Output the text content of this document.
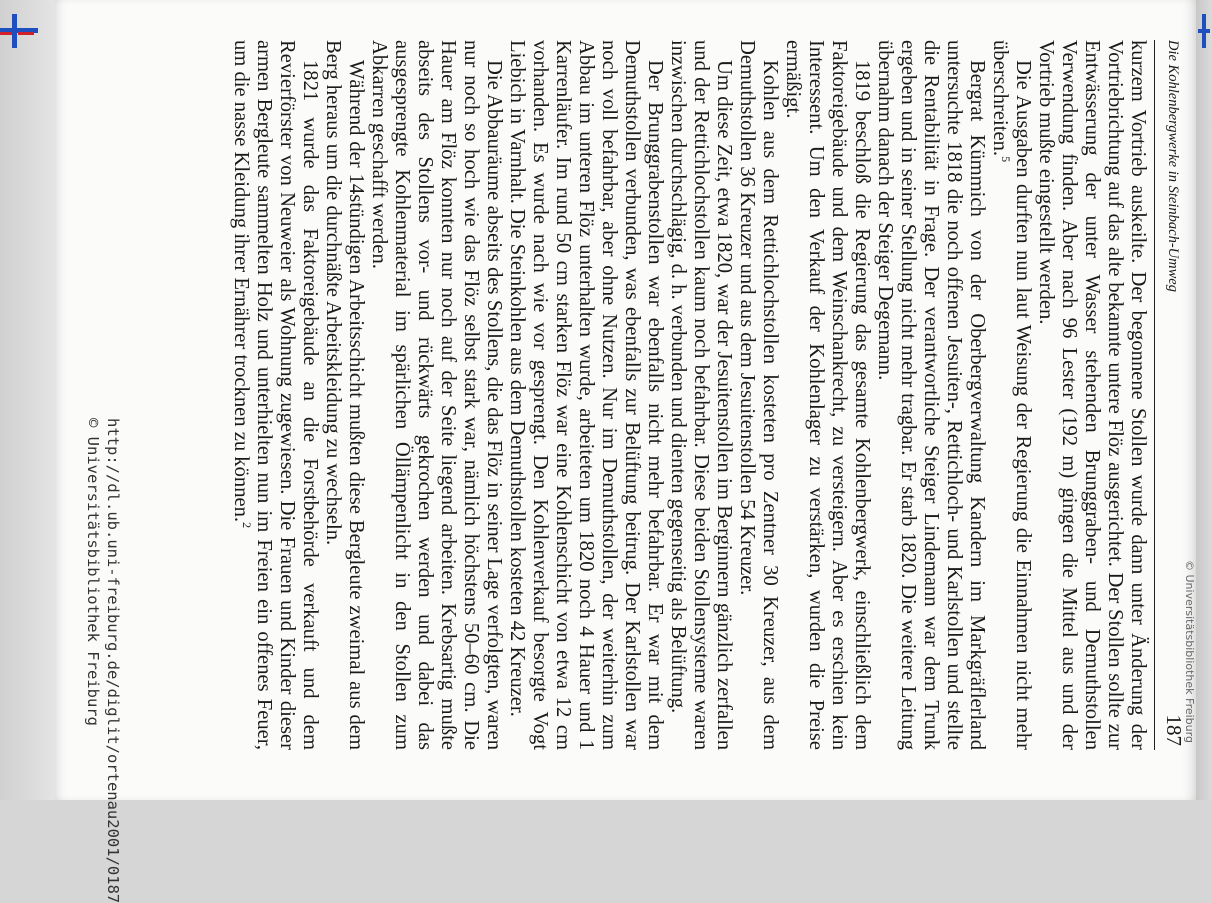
http://dl.ub.uni-freiburg.de/diglit/ortenau2001/0187
© Universitätsbibliothek Freiburg
Die Kohlenbergwerke in Steinbach-Umweg
187

kurzem Vortrieb auskeilte. Der begonnene Stollen wurde dann unter Änderung der Vortriebrichtung auf das alte bekannte untere Flöz ausgerichtet. Der Stollen sollte zur Entwässerung der unter Wasser stehenden Brunggraben- und Demuthstollen Verwendung finden. Aber nach 96 Lester (192 m) gingen die Mittel aus und der Vortrieb mußte eingestellt werden.

Die Ausgaben durften nun laut Weisung der Regierung die Einnahmen nicht mehr überschreiten.$^5$

Bergrat Kümmich von der Oberbergverwaltung Kandern im Markgräflerland untersuchte 1818 die noch offenen Jesuiten-, Rettichloch- und Karlstollen und stellte die Rentabilität in Frage. Der verantwortliche Steiger Lindemann war dem Trunk ergeben und in seiner Stellung nicht mehr tragbar. Er starb 1820. Die weitere Leitung übernahm danach der Steiger Degemann.

1819 beschloß die Regierung das gesamte Kohlenbergwerk, einschließlich dem Faktoreigebäude und dem Weinschankrecht, zu versteigern. Aber es erschien kein Interessent. Um den Verkauf der Kohlenlager zu verstärken, wurden die Preise ermäßigt.

Kohlen aus dem Rettichlochstollen kosteten pro Zentner 30 Kreuzer, aus dem Demuthstollen 36 Kreuzer und aus dem Jesuitenstollen 54 Kreuzer.

Um diese Zeit, etwa 1820, war der Jesuitenstollen im Berginnern gänzlich zerfallen und der Rettichlochstollen kaum noch befahrbar. Diese beiden Stollensysteme waren inzwischen durchschlägig, d. h. verbunden und dienten gegenseitig als Belüftung.

Der Brunggrabenstollen war ebenfalls nicht mehr befahrbar. Er war mit dem Demuthstollen verbunden, was ebenfalls zur Belüftung beitrug. Der Karlstollen war noch voll befahrbar, aber ohne Nutzen. Nur im Demuthstollen, der weiterhin zum Abbau im unteren Flöz unterhalten wurde, arbeiteten um 1820 noch 4 Hauer und 1 Karrenläufer. Im rund 50 cm starken Flöz war eine Kohlenschicht von etwa 12 cm vorhanden. Es wurde nach wie vor gesprengt. Den Kohlenverkauf besorgte Vogt Liebich in Varnhalt. Die Steinkohlen aus dem Demuthstollen kosteten 42 Kreuzer.

Die Abbauräume abseits des Stollens, die das Flöz in seiner Lage verfolgten, waren nur noch so hoch wie das Flöz selbst stark war, nämlich höchstens 50–60 cm. Die Hauer am Flöz konnten nur noch auf der Seite liegend arbeiten. Krebsartig mußte abseits des Stollens vor- und rückwärts gekrochen werden und dabei das ausgesprengte Kohlenmaterial im spärlichen Öllämpenlicht in den Stollen zum Abkarren geschafft werden.

Während der 14stündigen Arbeitsschicht mußten diese Bergleute zweimal aus dem Berg heraus um die durchnäßte Arbeitskleidung zu wechseln.

1821 wurde das Faktoreigebäude an die Forstbehörde verkauft und dem Revierförster von Neuweier als Wohnung zugewiesen. Die Frauen und Kinder dieser armen Bergleute sammelten Holz und unterhielten nun im Freien ein offenes Feuer, um die nasse Kleidung ihrer Ernährer trocknen zu können.$^2$

© Universitätsbibliothek Freiburg
